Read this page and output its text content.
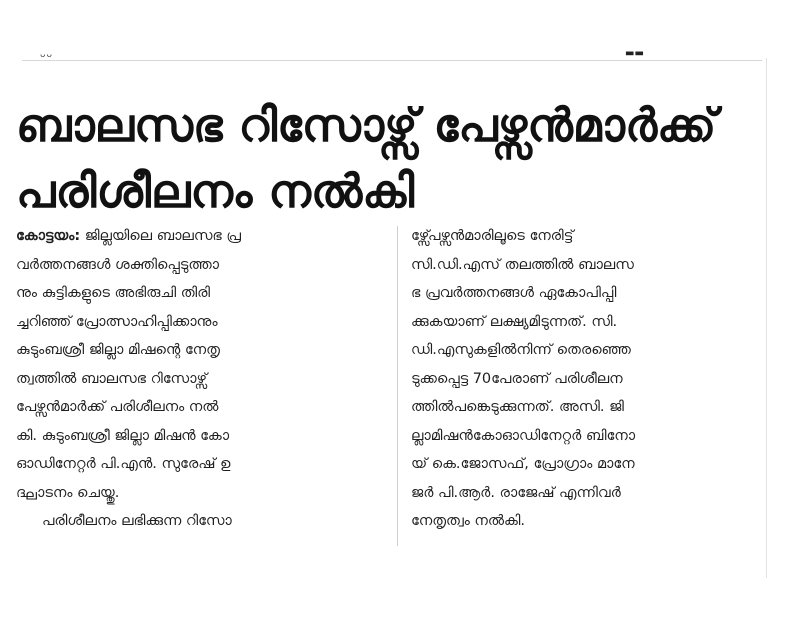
ᴗᴗ	▬▬
ബാലസഭ റിസോഴ്സ് പേഴ്സൻമാർക്ക്
പരിശീലനം നൽകി
കോട്ടയം: ജില്ലയിലെ ബാലസഭ പ്ര
വർത്തനങ്ങൾ ശക്തിപ്പെടുത്താ
നും കുട്ടികളുടെ അഭിരുചി തിരി
ച്ചറിഞ്ഞ് പ്രോത്സാഹിപ്പിക്കാനും
കുടുംബശ്രീ ജില്ലാ മിഷന്റെ നേതൃ
ത്വത്തിൽ ബാലസഭ റിസോഴ്സ്
പേഴ്സൻമാർക്ക് പരിശീലനം നൽ
കി. കുടുംബശ്രീ ജില്ലാ മിഷൻ കോ
ഓഡിനേറ്റർ പി.എൻ. സുരേഷ് ഉ
ദ്ഘാടനം ചെയ്തു.
പരിശീലനം ലഭിക്കുന്ന റിസോ
ഴ്സ്പേഴ്സൻമാരിലൂടെ നേരിട്ട്
സി.ഡി.എസ് തലത്തിൽ ബാലസ
ഭ പ്രവർത്തനങ്ങൾ ഏകോപിപ്പി
ക്കുകയാണ് ലക്ഷ്യമിടുന്നത്. സി.
ഡി.എസുകളിൽനിന്ന് തെരഞ്ഞെ
ടുക്കപ്പെട്ട 70പേരാണ് പരിശീലന
ത്തിൽപങ്കെടുക്കുന്നത്. അസി. ജി
ല്ലാമിഷൻകോഓഡിനേറ്റർ ബിനോ
യ് കെ.ജോസഫ്, പ്രോഗ്രാം മാനേ
ജർ പി.ആർ. രാജേഷ് എന്നിവർ
നേതൃത്വം നൽകി.
